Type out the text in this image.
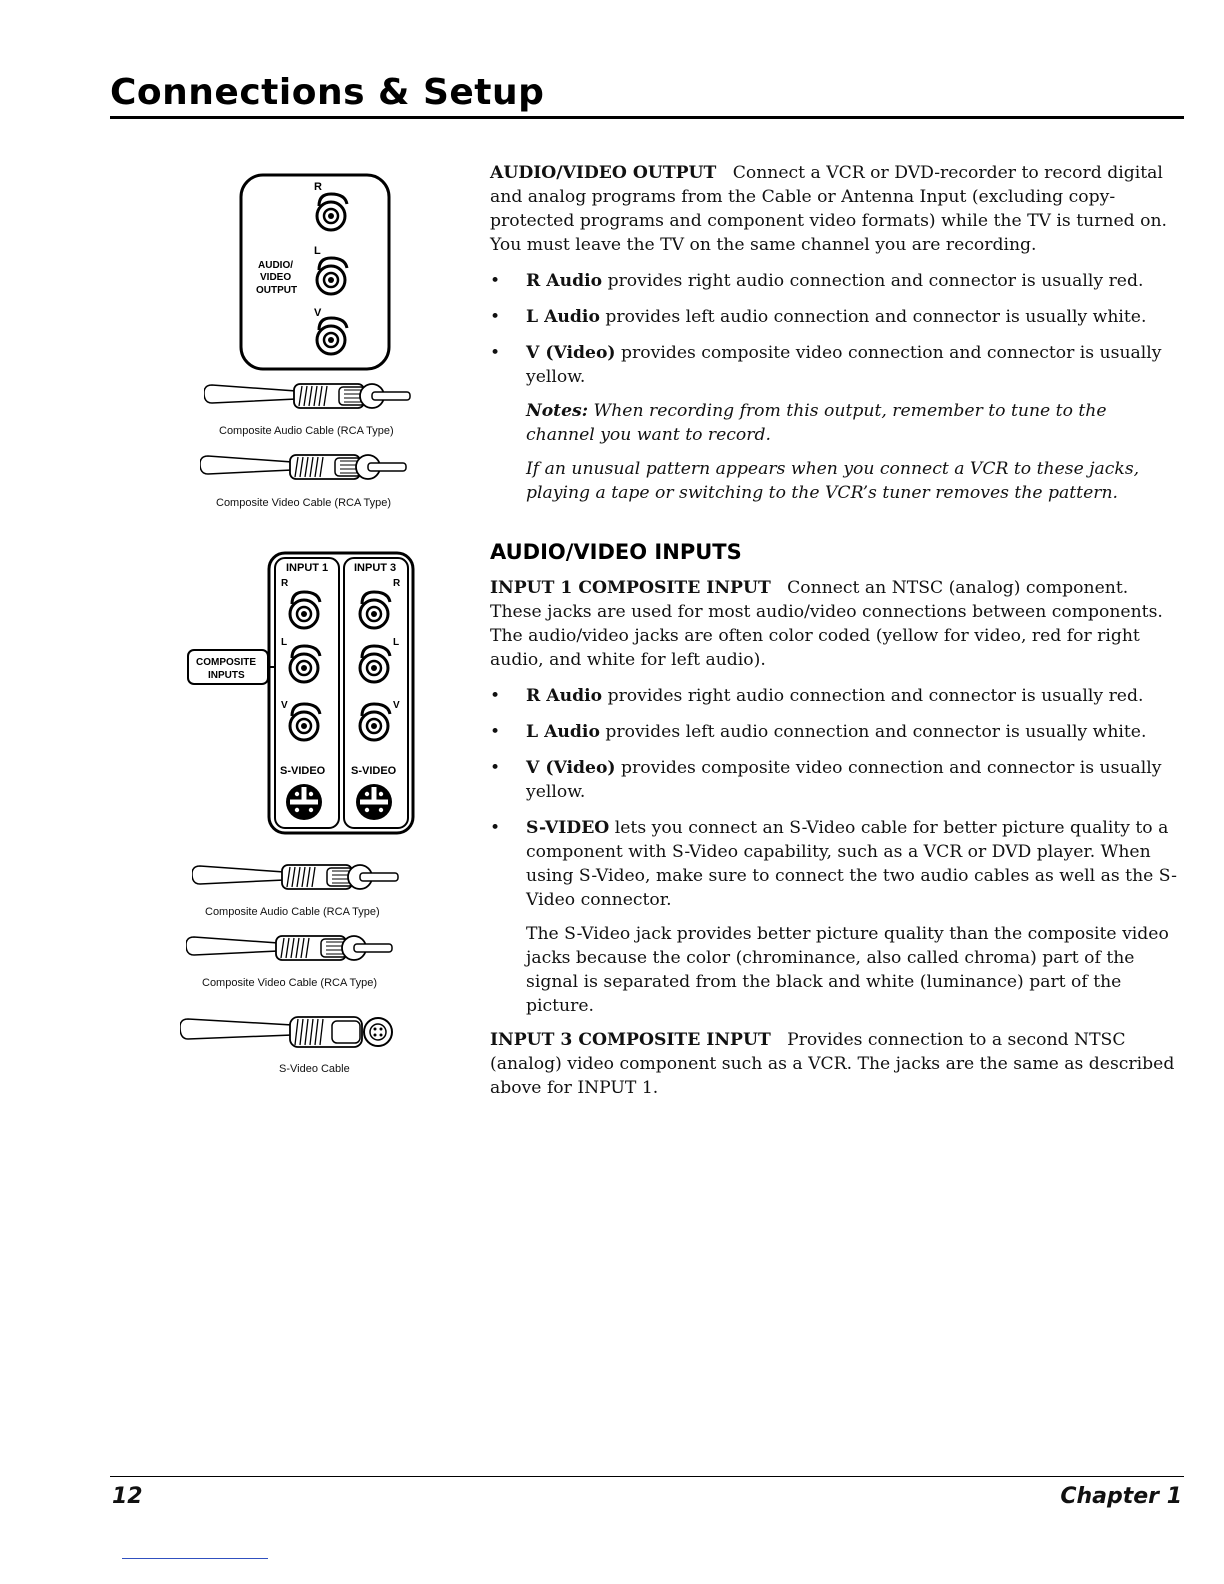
Connections & Setup
R
L
V
AUDIO/
VIDEO
OUTPUT
Composite Audio Cable (RCA Type)
Composite Video Cable (RCA Type)
INPUT 1 INPUT 3
R	R
L	L
V	V
S-VIDEO S-VIDEO
COMPOSITE
INPUTS
Composite Audio Cable (RCA Type)
Composite Video Cable (RCA Type)
S-Video Cable

AUDIO/VIDEO OUTPUT Connect a VCR or DVD-recorder to record digital and analog programs from the Cable or Antenna Input (excluding copy-protected programs and component video formats) while the TV is turned on. You must leave the TV on the same channel you are recording.

• R Audio provides right audio connection and connector is usually red.

• L Audio provides left audio connection and connector is usually white.

• V (Video) provides composite video connection and connector is usually yellow.

Notes: When recording from this output, remember to tune to the channel you want to record.

If an unusual pattern appears when you connect a VCR to these jacks, playing a tape or switching to the VCR’s tuner removes the pattern.

AUDIO/VIDEO INPUTS

INPUT 1 COMPOSITE INPUT Connect an NTSC (analog) component. These jacks are used for most audio/video connections between components. The audio/video jacks are often color coded (yellow for video, red for right audio, and white for left audio).

• R Audio provides right audio connection and connector is usually red.

• L Audio provides left audio connection and connector is usually white.

• V (Video) provides composite video connection and connector is usually yellow.

• S-VIDEO lets you connect an S-Video cable for better picture quality to a component with S-Video capability, such as a VCR or DVD player. When using S-Video, make sure to connect the two audio cables as well as the S-Video connector.

The S-Video jack provides better picture quality than the composite video jacks because the color (chrominance, also called chroma) part of the signal is separated from the black and white (luminance) part of the picture.

INPUT 3 COMPOSITE INPUT Provides connection to a second NTSC (analog) video component such as a VCR. The jacks are the same as described above for INPUT 1.

12	Chapter 1
